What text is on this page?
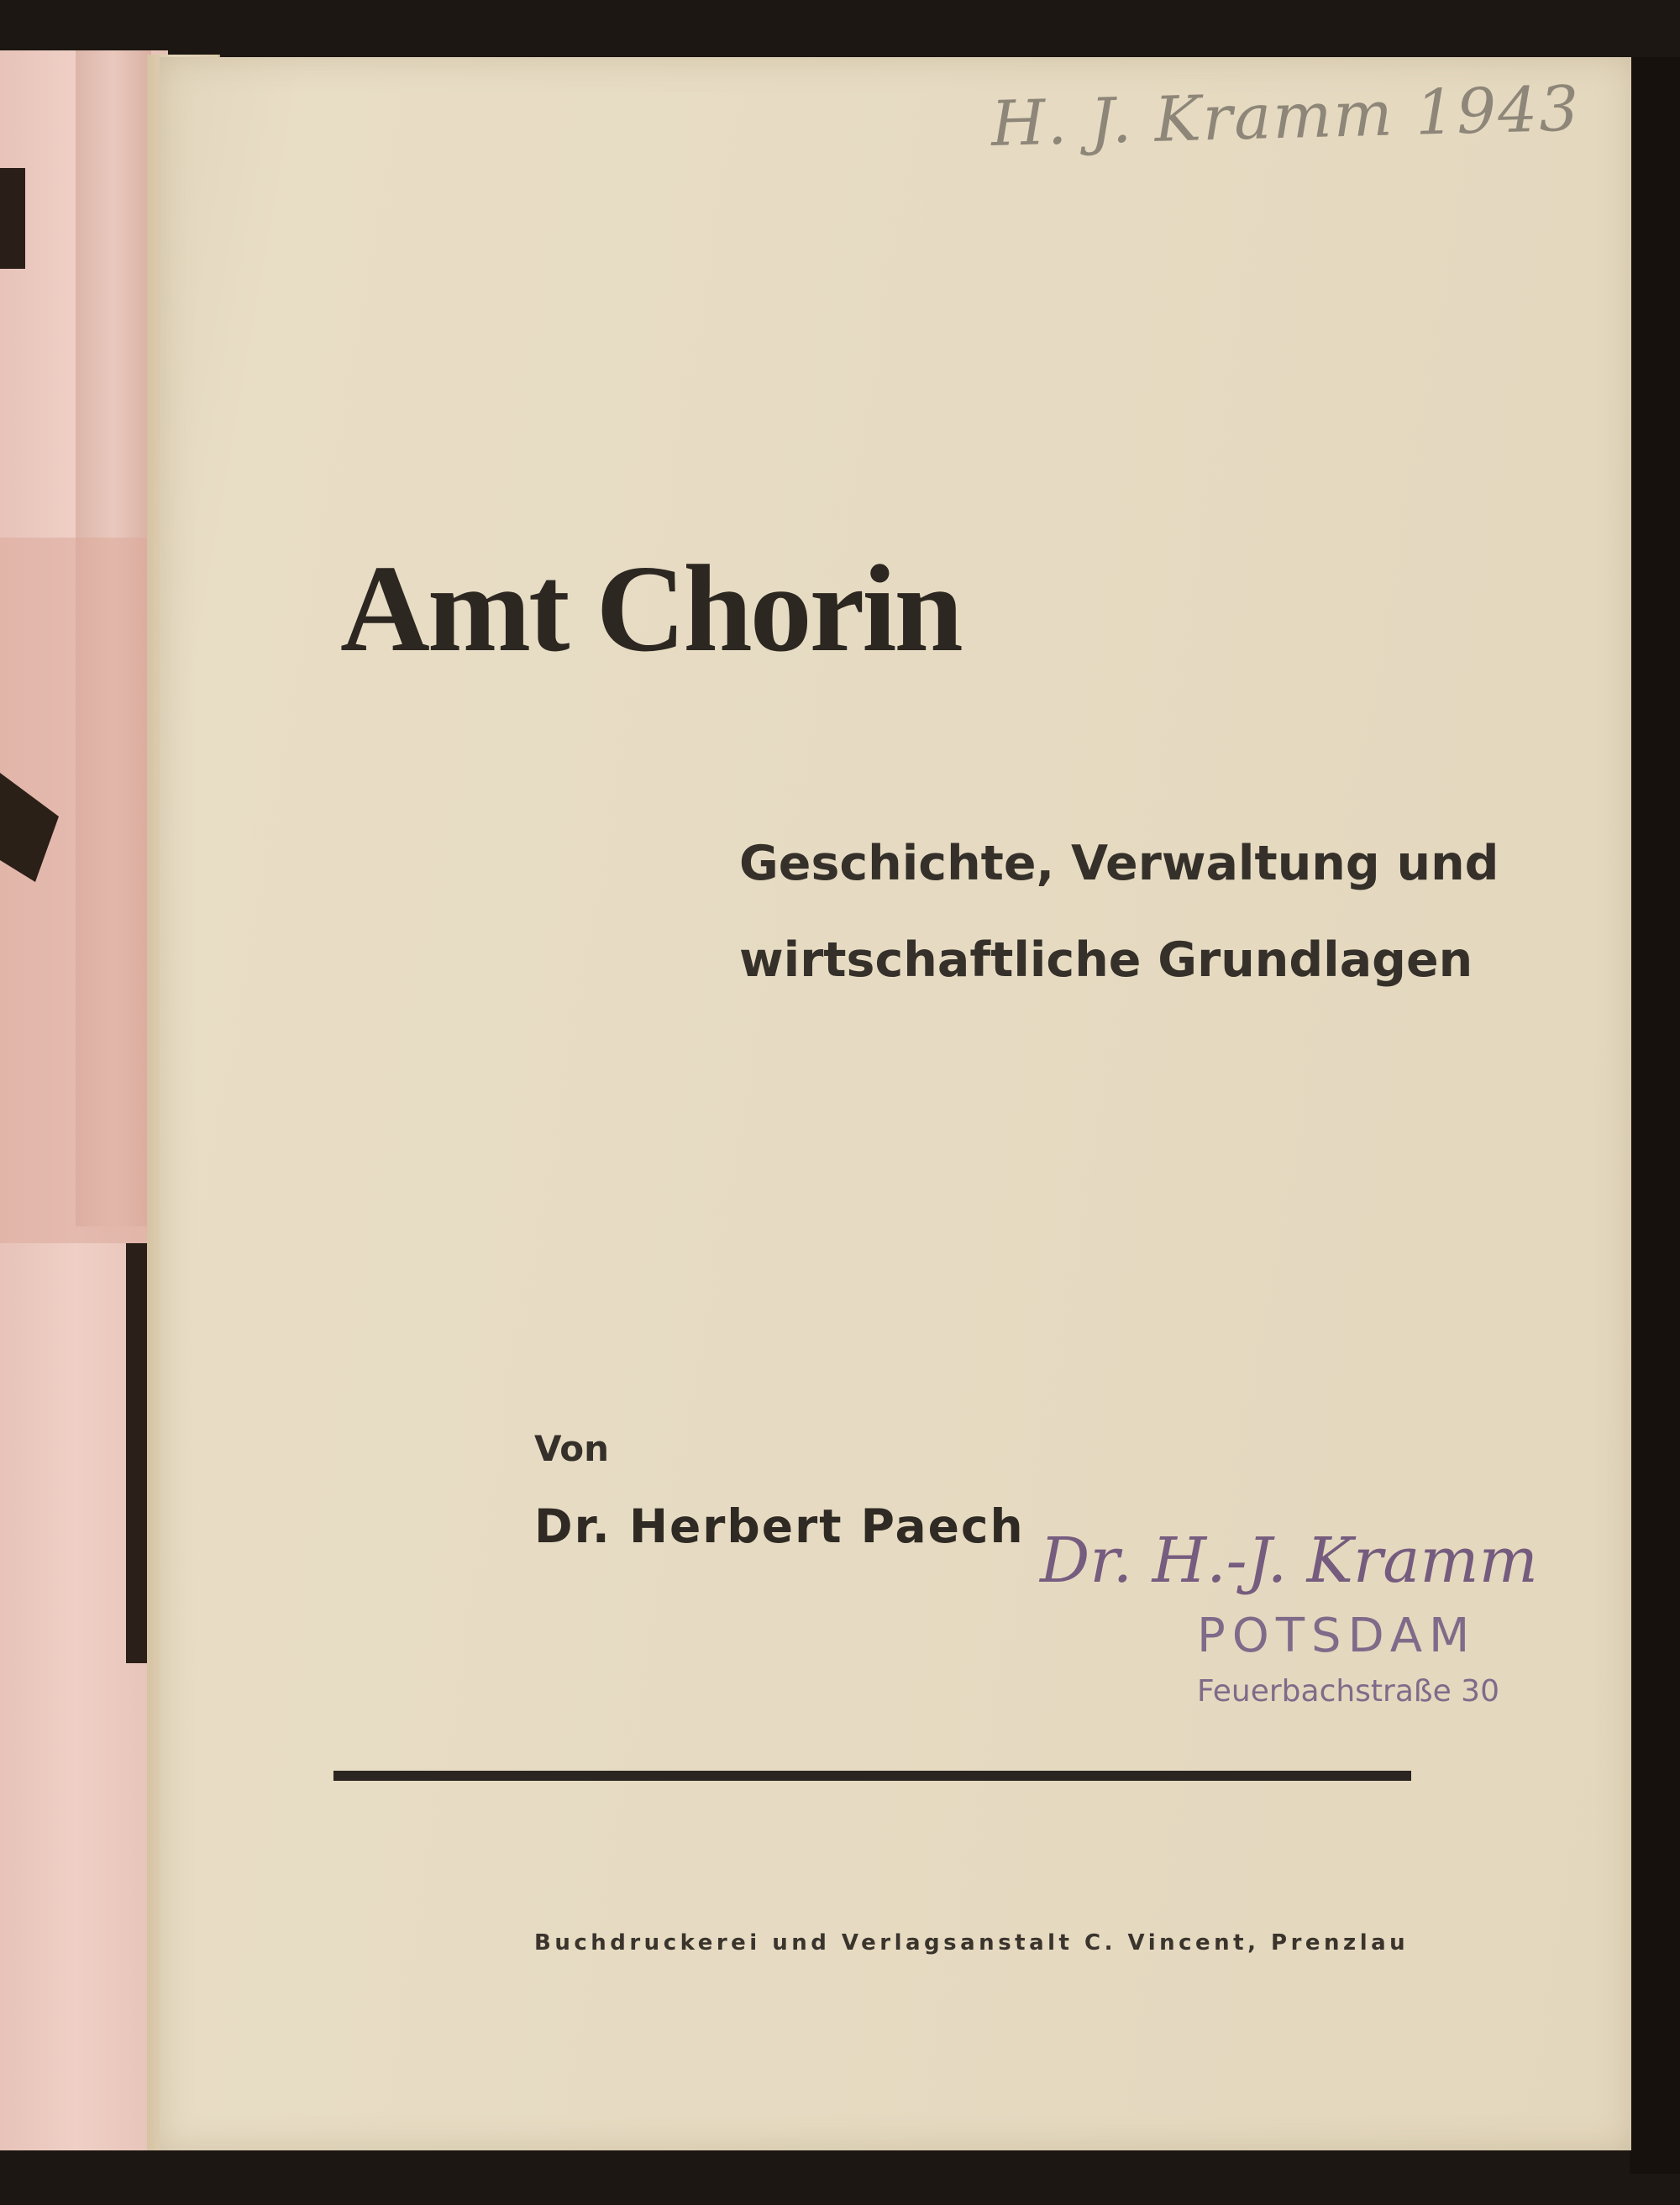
H. J. Kramm 1943
Amt Chorin
Geschichte, Verwaltung und
wirtschaftliche Grundlagen
Von
Dr. Herbert Paech Dr. H.-J. Kramm
POTSDAM
Feuerbachstraße 30
Buchdruckerei und Verlagsanstalt C. Vincent, Prenzlau
